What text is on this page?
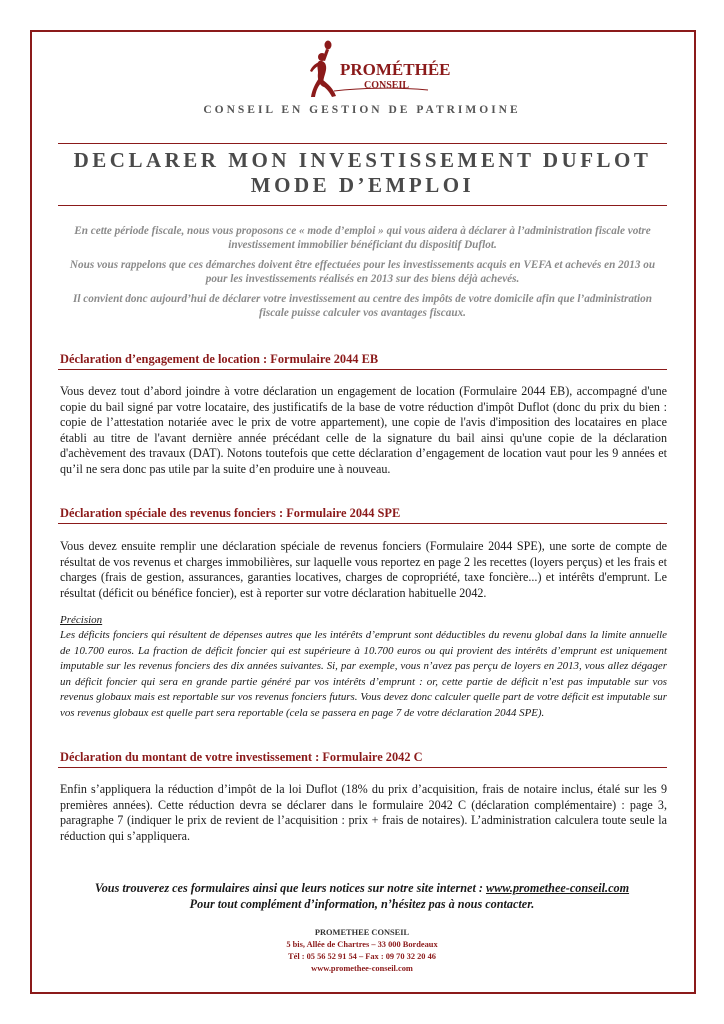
PROMÉTHÉE
CONSEIL
CONSEIL EN GESTION DE PATRIMOINE
DECLARER MON INVESTISSEMENT DUFLOT
MODE D’EMPLOI
En cette période fiscale, nous vous proposons ce « mode d’emploi » qui vous aidera à déclarer à l’administration fiscale votre investissement immobilier bénéficiant du dispositif Duflot.
Nous vous rappelons que ces démarches doivent être effectuées pour les investissements acquis en VEFA et achevés en 2013 ou pour les investissements réalisés en 2013 sur des biens déjà achevés.
Il convient donc aujourd’hui de déclarer votre investissement au centre des impôts de votre domicile afin que l’administration fiscale puisse calculer vos avantages fiscaux.
Déclaration d’engagement de location : Formulaire 2044 EB

Vous devez tout d’abord joindre à votre déclaration un engagement de location (Formulaire 2044 EB), accompagné d'une copie du bail signé par votre locataire, des justificatifs de la base de votre réduction d'impôt Duflot (donc du prix du bien : copie de l’attestation notariée avec le prix de votre appartement), une copie de l'avis d'imposition des locataires en place établi au titre de l'avant dernière année précédant celle de la signature du bail ainsi qu'une copie de la déclaration d'achèvement des travaux (DAT). Notons toutefois que cette déclaration d’engagement de location vaut pour les 9 années et qu’il ne sera donc pas utile par la suite d’en produire une à nouveau.

Déclaration spéciale des revenus fonciers : Formulaire 2044 SPE

Vous devez ensuite remplir une déclaration spéciale de revenus fonciers (Formulaire 2044 SPE), une sorte de compte de résultat de vos revenus et charges immobilières, sur laquelle vous reportez en page 2 les recettes (loyers perçus) et les frais et charges (frais de gestion, assurances, garanties locatives, charges de copropriété, taxe foncière...) et intérêts d'emprunt. Le résultat (déficit ou bénéfice foncier), est à reporter sur votre déclaration habituelle 2042.

Précision

Les déficits fonciers qui résultent de dépenses autres que les intérêts d’emprunt sont déductibles du revenu global dans la limite annuelle de 10.700 euros. La fraction de déficit foncier qui est supérieure à 10.700 euros ou qui provient des intérêts d’emprunt est uniquement imputable sur les revenus fonciers des dix années suivantes. Si, par exemple, vous n’avez pas perçu de loyers en 2013, vous allez dégager un déficit foncier qui sera en grande partie généré par vos intérêts d’emprunt : or, cette partie de déficit n’est pas imputable sur vos revenus globaux mais est reportable sur vos revenus fonciers futurs. Vous devez donc calculer quelle part de votre déficit est imputable sur vos revenus globaux est quelle part sera reportable (cela se passera en page 7 de votre déclaration 2044 SPE).

Déclaration du montant de votre investissement : Formulaire 2042 C

Enfin s’appliquera la réduction d’impôt de la loi Duflot (18% du prix d’acquisition, frais de notaire inclus, étalé sur les 9 premières années). Cette réduction devra se déclarer dans le formulaire 2042 C (déclaration complémentaire) : page 3, paragraphe 7 (indiquer le prix de revient de l’acquisition : prix + frais de notaires). L’administration calculera toute seule la réduction qui s’appliquera.

Vous trouverez ces formulaires ainsi que leurs notices sur notre site internet : www.promethee-conseil.com
Pour tout complément d’information, n’hésitez pas à nous contacter.
PROMETHEE CONSEIL
5 bis, Allée de Chartres – 33 000 Bordeaux
Tél : 05 56 52 91 54 – Fax : 09 70 32 20 46
www.promethee-conseil.com
